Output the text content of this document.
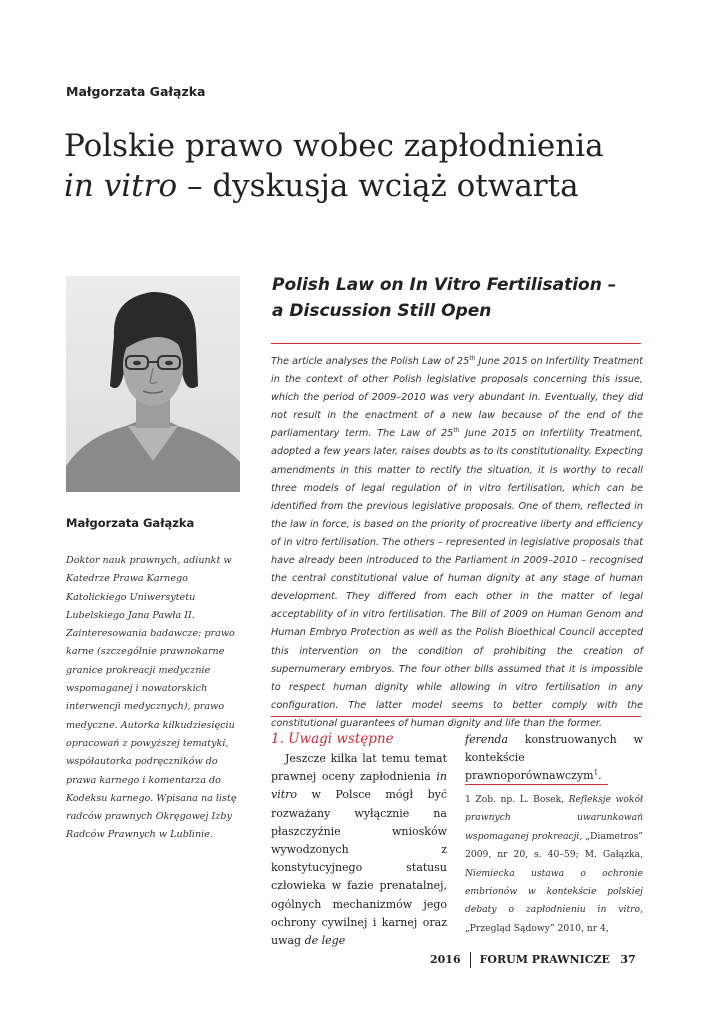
Małgorzata Gałązka
Polskie prawo wobec zapłodnienia
in vitro – dyskusja wciąż otwarta
Małgorzata Gałązka
Doktor nauk prawnych, adiunkt w Katedrze Prawa Karnego Katolickiego Uniwersytetu Lubelskiego Jana Pawła II. Zainteresowania badawcze: prawo karne (szczególnie prawnokarne granice prokreacji medycznie wspomaganej i nowatorskich interwencji medycznych), prawo medyczne. Autorka kilkudziesięciu opracowań z powyższej tematyki, współautorka podręczników do prawa karnego i komentarza do Kodeksu karnego. Wpisana na listę radców prawnych Okręgowej Izby Radców Prawnych w Lublinie.
Polish Law on In Vitro Fertilisation –
a Discussion Still Open
The article analyses the Polish Law of 25th June 2015 on Infertility Treatment in the context of other Polish legislative proposals concerning this issue, which the period of 2009–2010 was very abundant in. Eventually, they did not result in the enactment of a new law because of the end of the parliamentary term. The Law of 25th June 2015 on Infertility Treatment, adopted a few years later, raises doubts as to its constitutionality. Expecting amendments in this matter to rectify the situation, it is worthy to recall three models of legal regulation of in vitro fertilisation, which can be identified from the previous legislative proposals. One of them, reflected in the law in force, is based on the priority of procreative liberty and efficiency of in vitro fertilisation. The others – represented in legislative proposals that have already been introduced to the Parliament in 2009–2010 – recognised the central constitutional value of human dignity at any stage of human development. They differed from each other in the matter of legal acceptability of in vitro fertilisation. The Bill of 2009 on Human Genom and Human Embryo Protection as well as the Polish Bioethical Council accepted this intervention on the condition of prohibiting the creation of supernumerary embryos. The four other bills assumed that it is impossible to respect human dignity while allowing in vitro fertilisation in any configuration. The latter model seems to better comply with the constitutional guarantees of human dignity and life than the former.
1. Uwagi wstępne
Jeszcze kilka lat temu temat prawnej oceny zapłodnienia in vitro w Polsce mógł być rozważany wyłącznie na płaszczyźnie wniosków wywodzonych z konstytucyjnego statusu człowieka w fazie prenatalnej, ogólnych mechanizmów jego ochrony cywilnej i karnej oraz uwag de lege
ferenda konstruowanych w kontekście prawnoporównawczym$^1$.
1 Zob. np. L. Bosek, Refleksje wokół prawnych uwarunkowań wspomaganej prokreacji, „Diametros” 2009, nr 20, s. 40–59; M. Gałązka, Niemiecka ustawa o ochronie embrionów w kontekście polskiej debaty o zapłodnieniu in vitro, „Przegląd Sądowy” 2010, nr 4,
2016 FORUM PRAWNICZE 37
